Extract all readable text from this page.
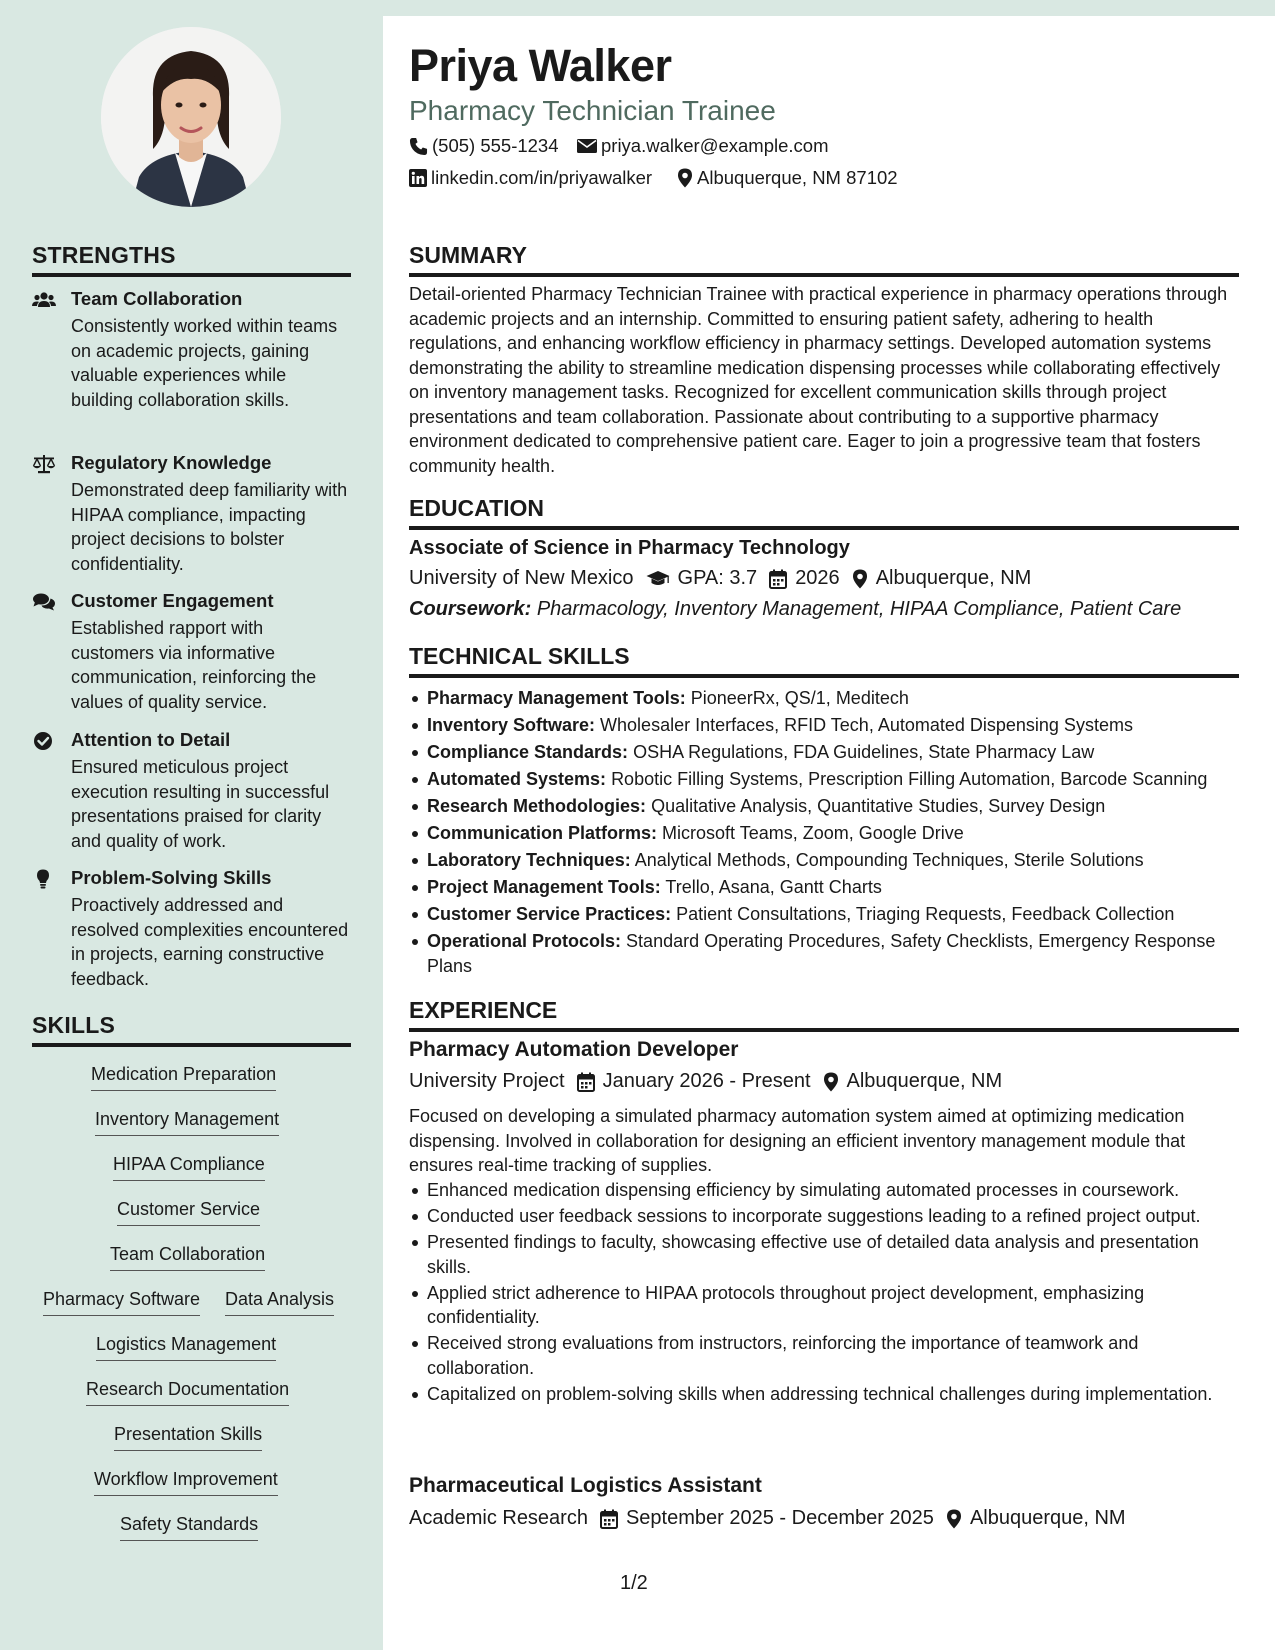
STRENGTHS
Team Collaboration
Consistently worked within teams on academic projects, gaining valuable experiences while building collaboration skills.
Regulatory Knowledge
Demonstrated deep familiarity with HIPAA compliance, impacting project decisions to bolster confidentiality.
Customer Engagement
Established rapport with customers via informative communication, reinforcing the values of quality service.
Attention to Detail
Ensured meticulous project execution resulting in successful presentations praised for clarity and quality of work.
Problem-Solving Skills
Proactively addressed and resolved complexities encountered in projects, earning constructive feedback.
SKILLS
Medication Preparation
Inventory Management
HIPAA Compliance
Customer Service
Team Collaboration
Pharmacy Software Data Analysis
Logistics Management
Research Documentation
Presentation Skills
Workflow Improvement
Safety Standards
Priya Walker
Pharmacy Technician Trainee
(505) 555-1234 priya.walker@example.com
linkedin.com/in/priyawalker Albuquerque, NM 87102
SUMMARY
Detail-oriented Pharmacy Technician Trainee with practical experience in pharmacy operations through academic projects and an internship. Committed to ensuring patient safety, adhering to health regulations, and enhancing workflow efficiency in pharmacy settings. Developed automation systems demonstrating the ability to streamline medication dispensing processes while collaborating effectively on inventory management tasks. Recognized for excellent communication skills through project presentations and team collaboration. Passionate about contributing to a supportive pharmacy environment dedicated to comprehensive patient care. Eager to join a progressive team that fosters community health.
EDUCATION
Associate of Science in Pharmacy Technology
University of New Mexico GPA: 3.7 2026 Albuquerque, NM
Coursework: Pharmacology, Inventory Management, HIPAA Compliance, Patient Care
TECHNICAL SKILLS
Pharmacy Management Tools: PioneerRx, QS/1, Meditech
Inventory Software: Wholesaler Interfaces, RFID Tech, Automated Dispensing Systems
Compliance Standards: OSHA Regulations, FDA Guidelines, State Pharmacy Law
Automated Systems: Robotic Filling Systems, Prescription Filling Automation, Barcode Scanning
Research Methodologies: Qualitative Analysis, Quantitative Studies, Survey Design
Communication Platforms: Microsoft Teams, Zoom, Google Drive
Laboratory Techniques: Analytical Methods, Compounding Techniques, Sterile Solutions
Project Management Tools: Trello, Asana, Gantt Charts
Customer Service Practices: Patient Consultations, Triaging Requests, Feedback Collection
Operational Protocols: Standard Operating Procedures, Safety Checklists, Emergency Response Plans
EXPERIENCE
Pharmacy Automation Developer
University Project January 2026 - Present Albuquerque, NM
Focused on developing a simulated pharmacy automation system aimed at optimizing medication dispensing. Involved in collaboration for designing an efficient inventory management module that ensures real-time tracking of supplies.
Enhanced medication dispensing efficiency by simulating automated processes in coursework.
Conducted user feedback sessions to incorporate suggestions leading to a refined project output.
Presented findings to faculty, showcasing effective use of detailed data analysis and presentation skills.
Applied strict adherence to HIPAA protocols throughout project development, emphasizing confidentiality.
Received strong evaluations from instructors, reinforcing the importance of teamwork and collaboration.
Capitalized on problem-solving skills when addressing technical challenges during implementation.
Pharmaceutical Logistics Assistant
Academic Research September 2025 - December 2025 Albuquerque, NM
1/2
